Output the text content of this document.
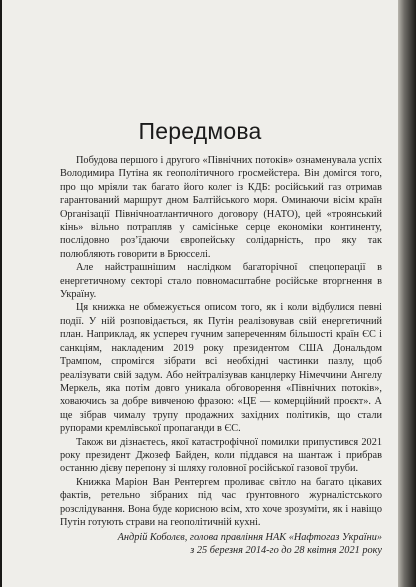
Передмова

Побудова першого і другого «Північних потоків» ознаменувала успіх Володимира Путіна як геополітичного гросмейстера. Він домігся того, про що мріяли так багато його колег із КДБ: російський газ отримав гарантований маршрут дном Балтійського моря. Оминаючи вісім країн Організації Північноатлантичного договору (НАТО), цей «троянський кінь» вільно потрапляв у самісіньке серце економіки континенту, послідовно роз’їдаючи європейську солідарність, про яку так полюбляють говорити в Брюсселі.

Але найстрашнішим наслідком багаторічної спецоперації в енергетичному секторі стало повномасштабне російське вторгнення в Україну.

Ця книжка не обмежується описом того, як і коли відбулися певні події. У ній розповідається, як Путін реалізовував свій енергетичний план. Наприклад, як успереч гучним запереченням більшості країн ЄС і санкціям, накладеним 2019 року президентом США Дональдом Трампом, спромігся зібрати всі необхідні частинки пазлу, щоб реалізувати свій задум. Або нейтралізував канцлерку Німеччини Ангелу Меркель, яка потім довго уникала обговорення «Північних потоків», ховаючись за добре вивченою фразою: «ЦЕ — комерційний проєкт». А ще зібрав чималу трупу продажних західних політиків, що стали рупорами кремлівської пропаганди в ЄС.

Також ви дізнаєтесь, якої катастрофічної помилки припустився 2021 року президент Джозеф Байден, коли піддався на шантаж і прибрав останню дієву перепону зі шляху головної російської газової труби.

Книжка Маріон Ван Рентергем проливає світло на багато цікавих фактів, ретельно зібраних під час ґрунтовного журналістського розслідування. Вона буде корисною всім, хто хоче зрозуміти, як і навіщо Путін готують страви на геополітичній кухні.

Андрій Коболєв, голова правління НАК «Нафтогаз України»
з 25 березня 2014-го до 28 квітня 2021 року
